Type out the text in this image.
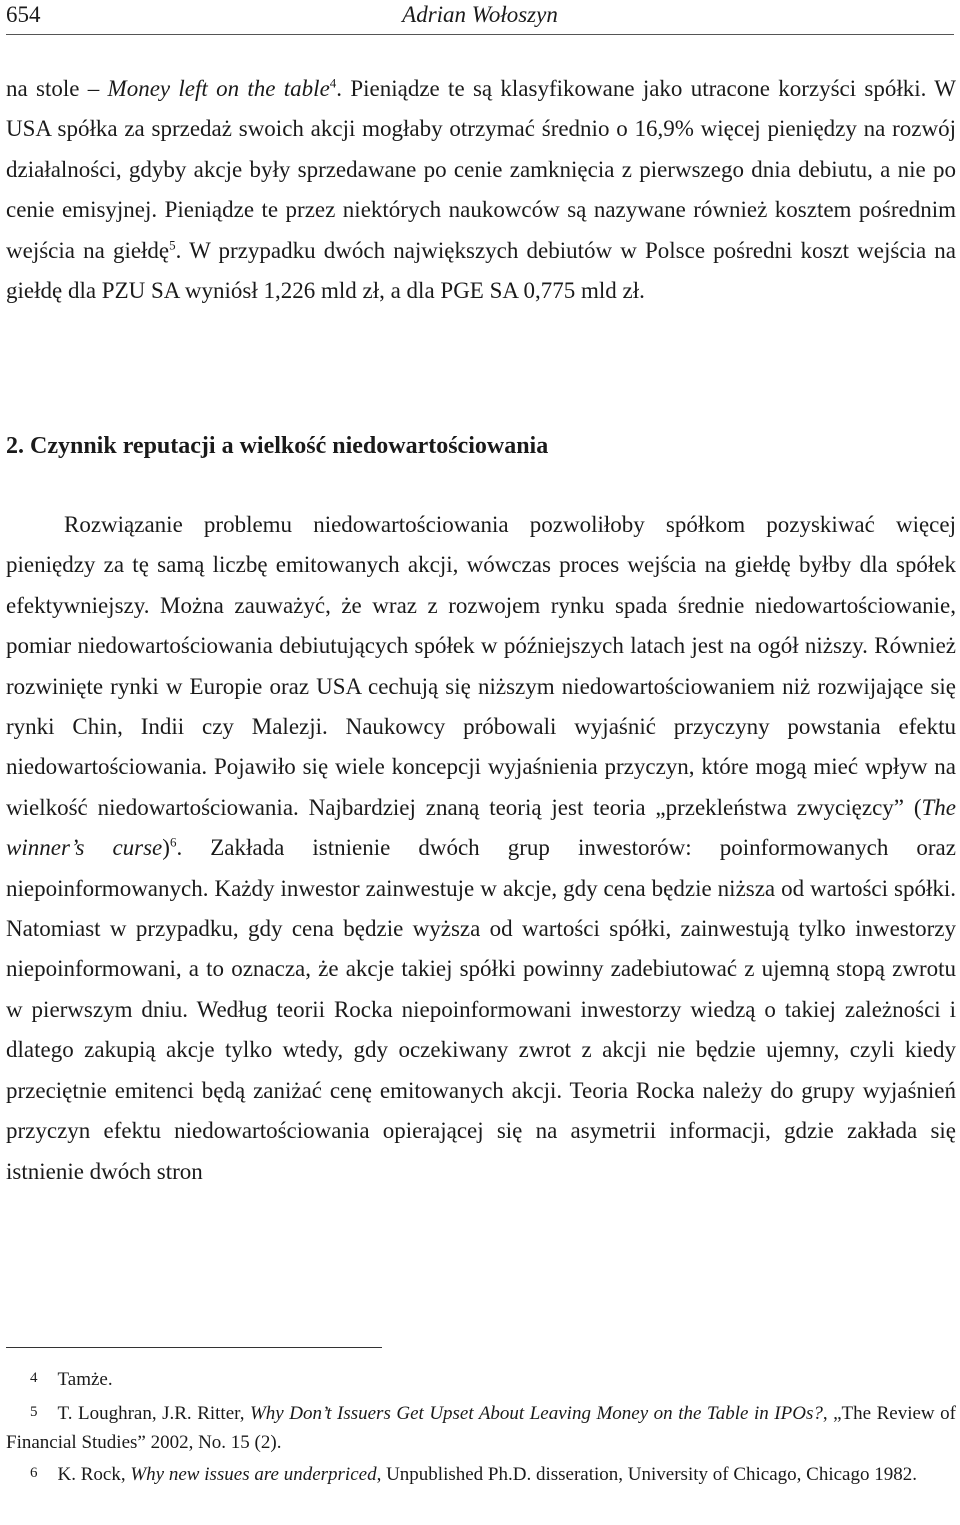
654	Adrian Wołoszyn
na stole – Money left on the table$^4$. Pieniądze te są klasyfikowane jako utracone korzyści spółki. W USA spółka za sprzedaż swoich akcji mogłaby otrzymać średnio o 16,9% więcej pieniędzy na rozwój działalności, gdyby akcje były sprzedawane po cenie zamknięcia z pierwszego dnia debiutu, a nie po cenie emisyjnej. Pieniądze te przez niektórych naukowców są nazywane również kosztem pośrednim wejścia na giełdę$^5$. W przypadku dwóch największych debiutów w Polsce pośredni koszt wejścia na giełdę dla PZU SA wyniósł 1,226 mld zł, a dla PGE SA 0,775 mld zł.
2. Czynnik reputacji a wielkość niedowartościowania
Rozwiązanie problemu niedowartościowania pozwoliłoby spółkom pozyskiwać więcej pieniędzy za tę samą liczbę emitowanych akcji, wówczas proces wejścia na giełdę byłby dla spółek efektywniejszy. Można zauważyć, że wraz z rozwojem rynku spada średnie niedowartościowanie, pomiar niedowartościowania debiutujących spółek w późniejszych latach jest na ogół niższy. Również rozwinięte rynki w Europie oraz USA cechują się niższym niedowartościowaniem niż rozwijające się rynki Chin, Indii czy Malezji. Naukowcy próbowali wyjaśnić przyczyny powstania efektu niedowartościowania. Pojawiło się wiele koncepcji wyjaśnienia przyczyn, które mogą mieć wpływ na wielkość niedowartościowania. Najbardziej znaną teorią jest teoria „przekleństwa zwycięzcy” (The winner’s curse)$^6$. Zakłada istnienie dwóch grup inwestorów: poinformowanych oraz niepoinformowanych. Każdy inwestor zainwestuje w akcje, gdy cena będzie niższa od wartości spółki. Natomiast w przypadku, gdy cena będzie wyższa od wartości spółki, zainwestują tylko inwestorzy niepoinformowani, a to oznacza, że akcje takiej spółki powinny zadebiutować z ujemną stopą zwrotu w pierwszym dniu. Według teorii Rocka niepoinformowani inwestorzy wiedzą o takiej zależności i dlatego zakupią akcje tylko wtedy, gdy oczekiwany zwrot z akcji nie będzie ujemny, czyli kiedy przeciętnie emitenci będą zaniżać cenę emitowanych akcji. Teoria Rocka należy do grupy wyjaśnień przyczyn efektu niedowartościowania opierającej się na asymetrii informacji, gdzie zakłada się istnienie dwóch stron
4 Tamże.
5 T. Loughran, J.R. Ritter, Why Don’t Issuers Get Upset About Leaving Money on the Table in IPOs?, „The Review of Financial Studies” 2002, No. 15 (2).
6 K. Rock, Why new issues are underpriced, Unpublished Ph.D. disseration, University of Chicago, Chicago 1982.
